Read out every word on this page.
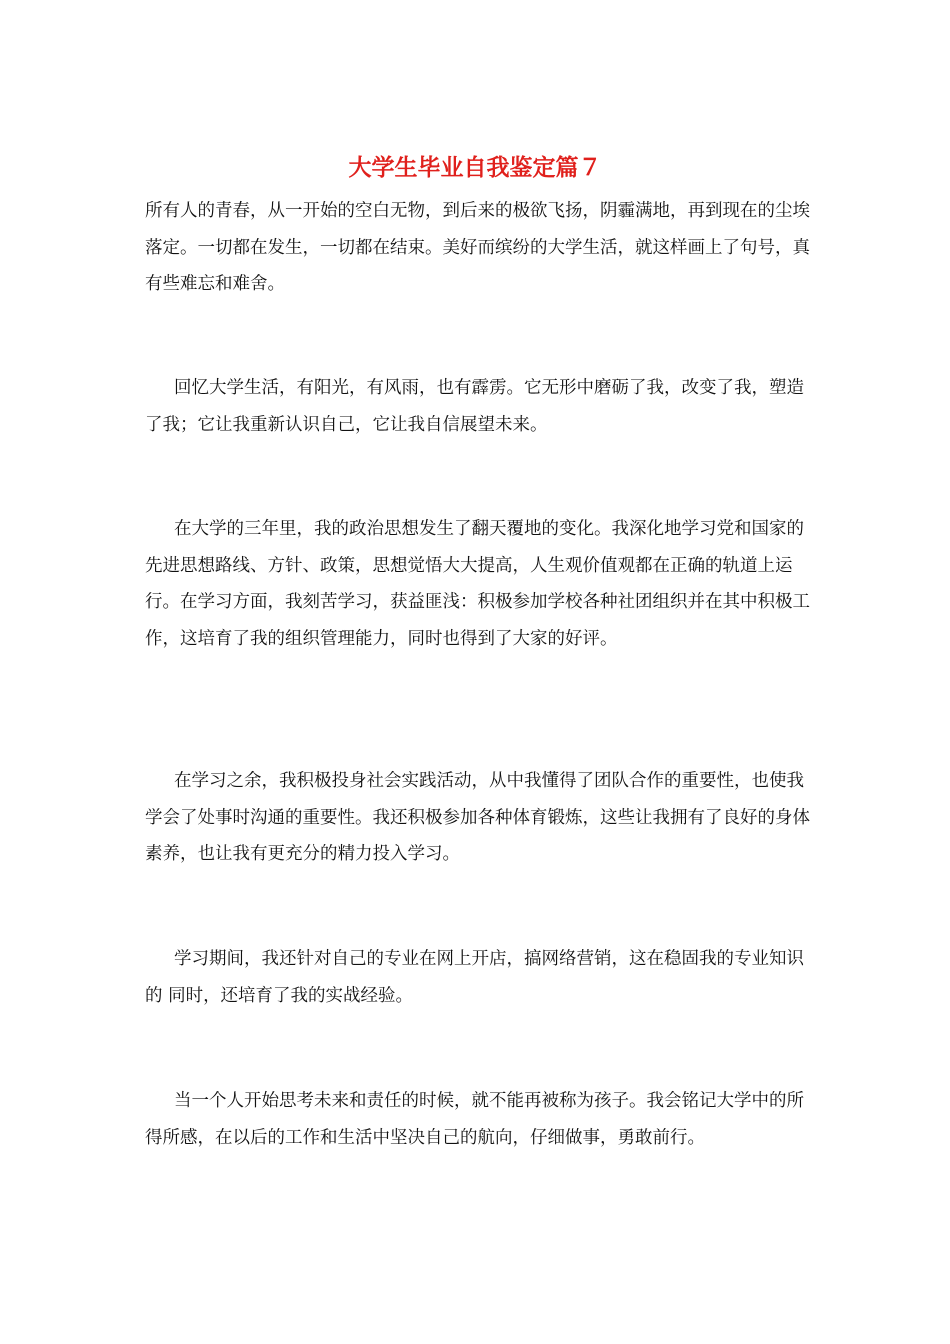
大学生毕业自我鉴定篇７

所有人的青春，从一开始的空白无物，到后来的极欲飞扬，阴霾满地，再到现在的尘埃落定。一切都在发生，一切都在结束。美好而缤纷的大学生活，就这样画上了句号，真有些难忘和难舍。

回忆大学生活，有阳光，有风雨，也有霹雳。它无形中磨砺了我，改变了我，塑造了我；它让我重新认识自己，它让我自信展望未来。

在大学的三年里，我的政治思想发生了翻天覆地的变化。我深化地学习党和国家的先进思想路线、方针、政策，思想觉悟大大提高，人生观价值观都在正确的轨道上运行。在学习方面，我刻苦学习，获益匪浅：积极参加学校各种社团组织并在其中积极工作，这培育了我的组织管理能力，同时也得到了大家的好评。

在学习之余，我积极投身社会实践活动，从中我懂得了团队合作的重要性，也使我学会了处事时沟通的重要性。我还积极参加各种体育锻炼，这些让我拥有了良好的身体素养，也让我有更充分的精力投入学习。

学习期间，我还针对自己的专业在网上开店，搞网络营销，这在稳固我的专业知识的 同时，还培育了我的实战经验。

当一个人开始思考未来和责任的时候，就不能再被称为孩子。我会铭记大学中的所得所感，在以后的工作和生活中坚决自己的航向，仔细做事，勇敢前行。
